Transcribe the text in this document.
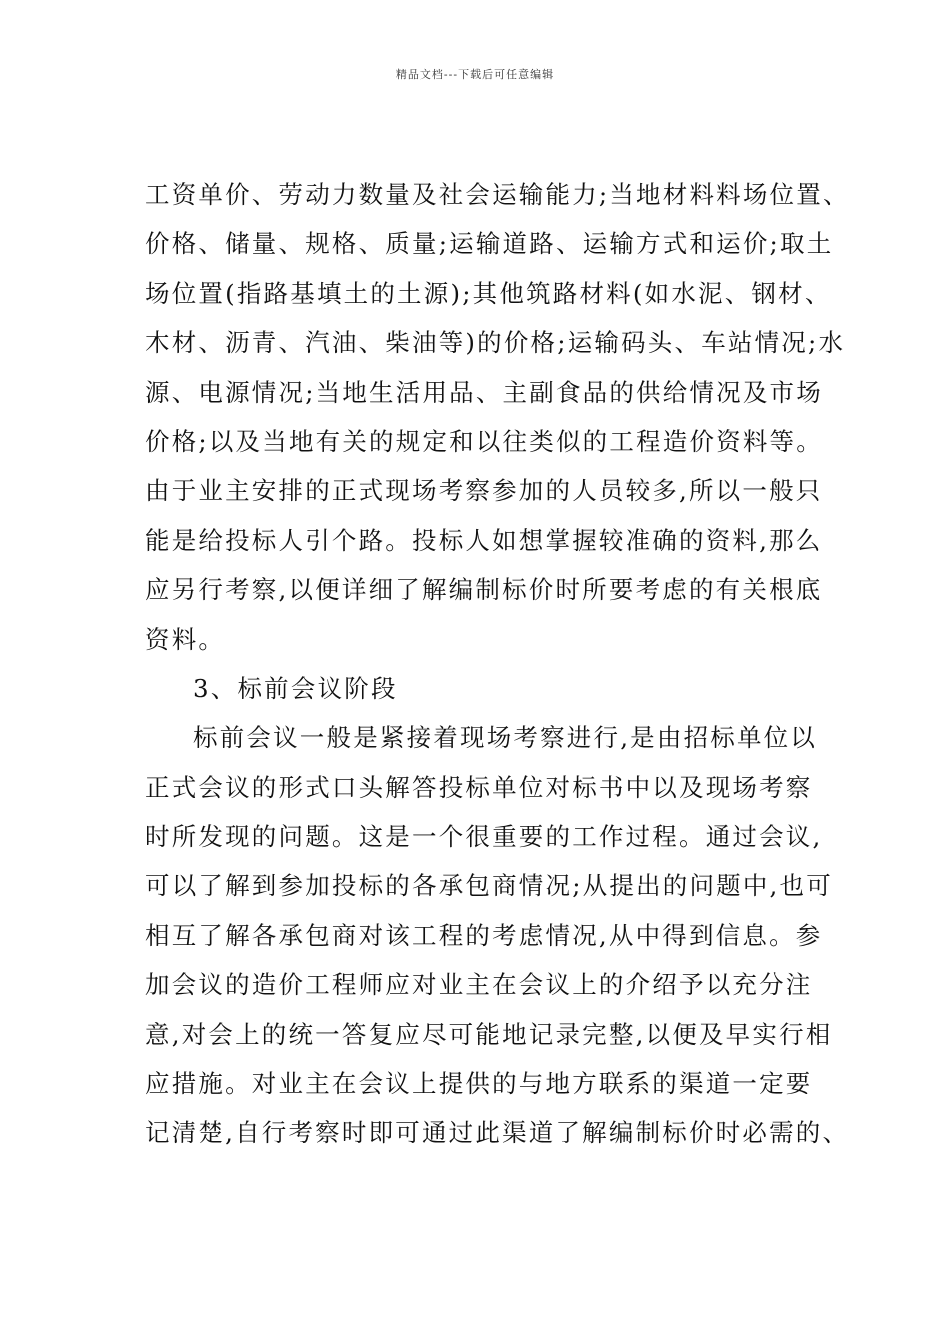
精品文档---下载后可任意编辑
工资单价、劳动力数量及社会运输能力;当地材料料场位置、
价格、储量、规格、质量;运输道路、运输方式和运价;取土
场位置(指路基填土的土源);其他筑路材料(如水泥、钢材、
木材、沥青、汽油、柴油等)的价格;运输码头、车站情况;水
源、电源情况;当地生活用品、主副食品的供给情况及市场
价格;以及当地有关的规定和以往类似的工程造价资料等。
由于业主安排的正式现场考察参加的人员较多,所以一般只
能是给投标人引个路。投标人如想掌握较准确的资料,那么
应另行考察,以便详细了解编制标价时所要考虑的有关根底
资料。
3、标前会议阶段
标前会议一般是紧接着现场考察进行,是由招标单位以
正式会议的形式口头解答投标单位对标书中以及现场考察
时所发现的问题。这是一个很重要的工作过程。通过会议,
可以了解到参加投标的各承包商情况;从提出的问题中,也可
相互了解各承包商对该工程的考虑情况,从中得到信息。参
加会议的造价工程师应对业主在会议上的介绍予以充分注
意,对会上的统一答复应尽可能地记录完整,以便及早实行相
应措施。对业主在会议上提供的与地方联系的渠道一定要
记清楚,自行考察时即可通过此渠道了解编制标价时必需的、
